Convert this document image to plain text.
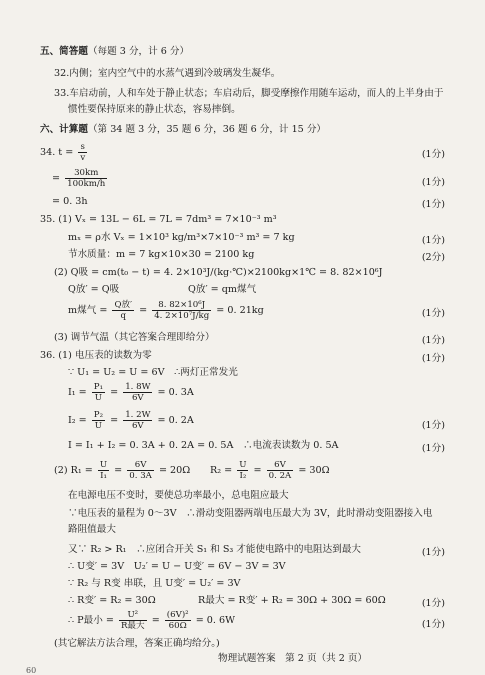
五、简答题（每题 3 分，计 6 分）
32.内侧；室内空气中的水蒸气遇到冷玻璃发生凝华。
33.车启动前，人和车处于静止状态；车启动后，脚受摩擦作用随车运动，而人的上半身由于
惯性要保持原来的静止状态，容易摔倒。
六、计算题（第 34 题 3 分，35 题 6 分，36 题 6 分，计 15 分）
34. $t = \frac{s}{v}$	(1分)
= $\frac{30km}{100km/h}$	(1分)
= 0. 3h	(1分)
35. (1) Vₓ = 13L − 6L = 7L = 7dm³ = 7×10⁻³ m³
mₓ = ρ水 Vₓ = 1×10³ kg/m³×7×10⁻³ m³ = 7 kg	(1分)
节水质量：m = 7 kg×10×30 = 2100 kg	(2分)
(2) Q吸 = cm(t₀ − t) = 4. 2×10³J/(kg·℃)×2100kg×1℃ = 8. 82×10⁶J
Q放′ = Q吸	Q放′ = qm煤气
m煤气 = $\frac{\text{Q放′}}{q} = \frac{\text{8. 82×10⁶J}}{\text{4. 2×10⁷J/kg}} = 0$. 21kg	(1分)
(3) 调节气温（其它答案合理即给分）	(1分)
36. (1) 电压表的读数为零	(1分)
∵ U₁ = U₂ = U = 6V　∴两灯正常发光
$I_1 = \frac{\text{P₁}}{U} = \frac{1. 8W}{6V} = 0$. 3A
$I_2 = \frac{\text{P₂}}{U} = \frac{1. 2W}{6V} = 0$. 2A	(1分)
I = I₁ + I₂ = 0. 3A + 0. 2A = 0. 5A　∴电流表读数为 0. 5A	(1分)
(2) $R_1 = \frac{U}{\text{I₁}} = \frac{6V}{0. 3A} = 20\Omega$ $R_2 = \frac{U}{\text{I₂}} = \frac{6V}{0. 2A} = 30\Omega$
在电源电压不变时，要使总功率最小，总电阻应最大
∵电压表的量程为 0～3V　∴滑动变阻器两端电压最大为 3V，此时滑动变阻器接入电
路阻值最大
又∵ R₂ > R₁　∴应闭合开关 S₁ 和 S₃ 才能使电路中的电阻达到最大	(1分)
∴ U变′ = 3V　U₂′ = U − U变′ = 6V − 3V = 3V
∵ R₂ 与 R变 串联，且 U变′ = U₂′ = 3V
∴ R变′ = R₂ = 30Ω	R最大 = R变′ + R₂ = 30Ω + 30Ω = 60Ω	(1分)
∴ P最小 = $\frac{\text{U²}}{\text{R最大}} = \frac{\text{(6V)²}}{60\Omega} = 0$. 6W	(1分)
(其它解法方法合理，答案正确均给分。)
物理试题答案　第 2 页（共 2 页）
60
